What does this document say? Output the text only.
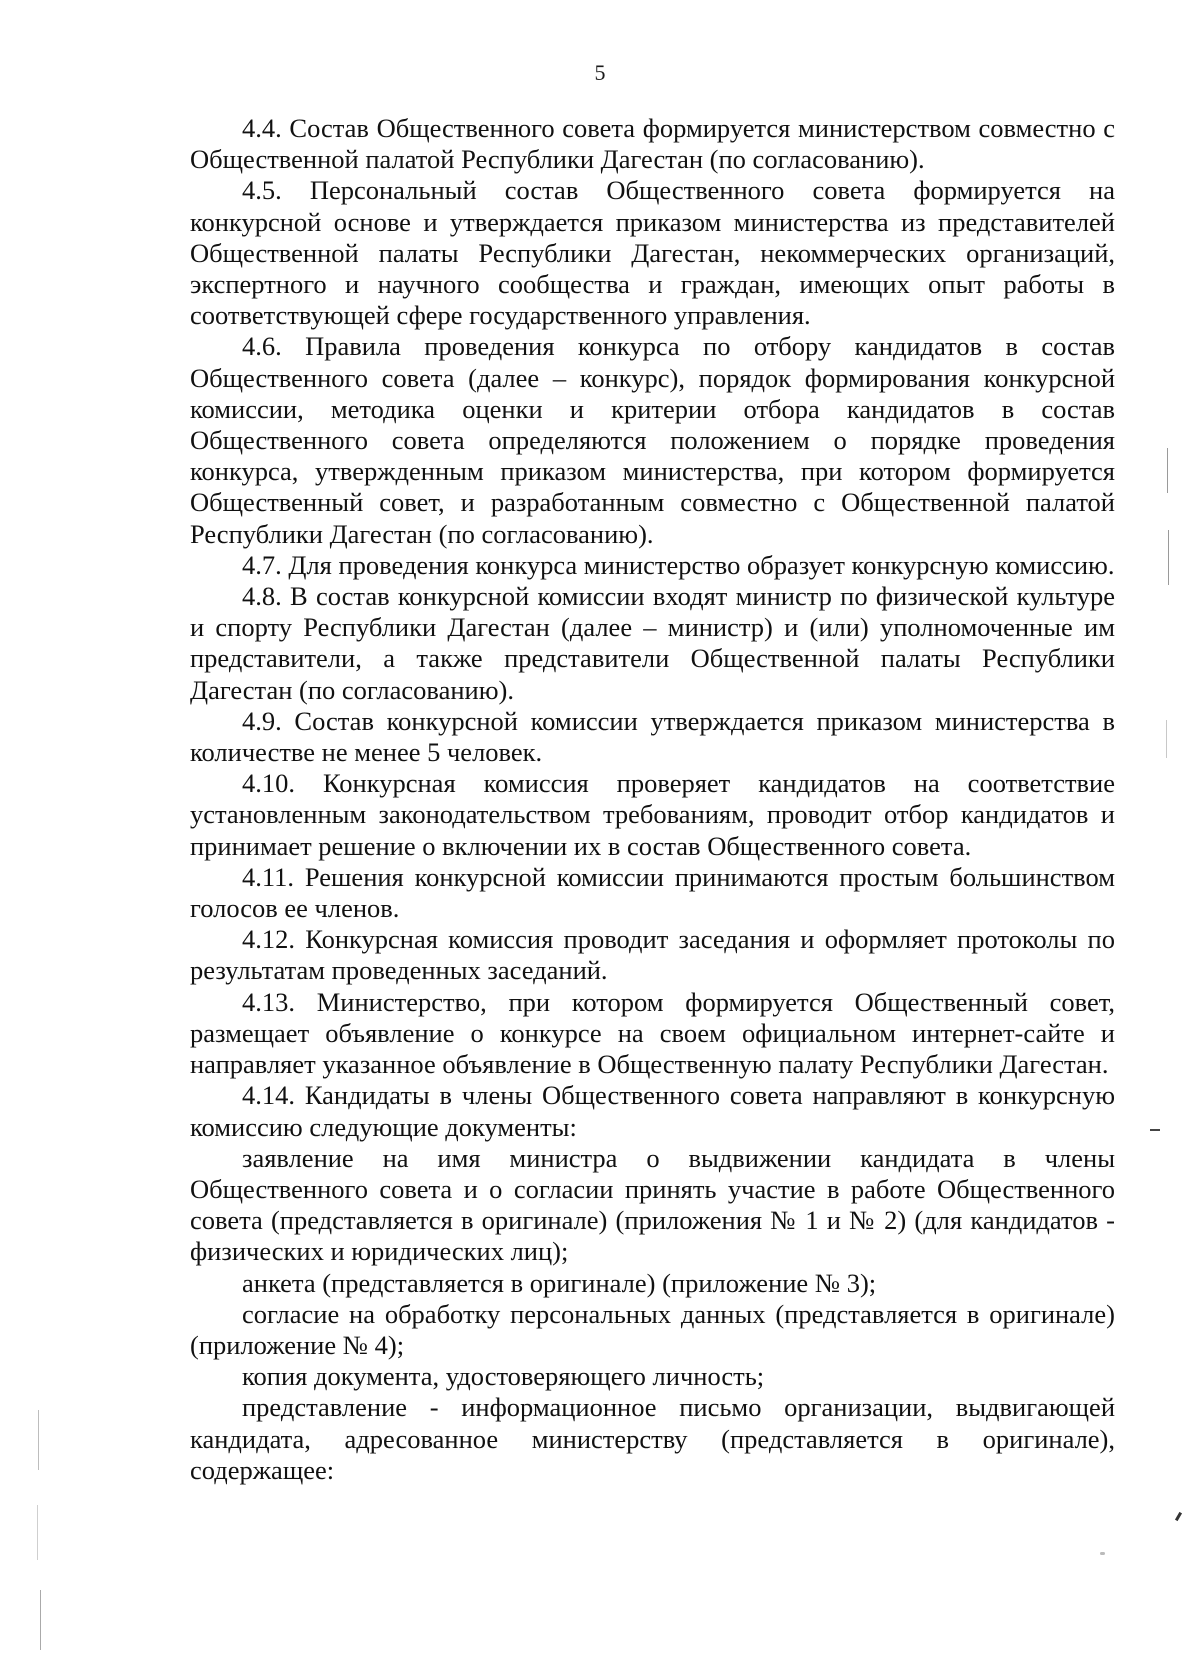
5

4.4. Состав Общественного совета формируется министерством совместно с Общественной палатой Республики Дагестан (по согласованию).

4.5. Персональный состав Общественного совета формируется на конкурсной основе и утверждается приказом министерства из представителей Общественной палаты Республики Дагестан, некоммерческих организаций, экспертного и научного сообщества и граждан, имеющих опыт работы в соответствующей сфере государственного управления.

4.6. Правила проведения конкурса по отбору кандидатов в состав Общественного совета (далее – конкурс), порядок формирования конкурсной комиссии, методика оценки и критерии отбора кандидатов в состав Общественного совета определяются положением о порядке проведения конкурса, утвержденным приказом министерства, при котором формируется Общественный совет, и разработанным совместно с Общественной палатой Республики Дагестан (по согласованию).

4.7. Для проведения конкурса министерство образует конкурсную комиссию.

4.8. В состав конкурсной комиссии входят министр по физической культуре и спорту Республики Дагестан (далее – министр) и (или) уполномоченные им представители, а также представители Общественной палаты Республики Дагестан (по согласованию).

4.9. Состав конкурсной комиссии утверждается приказом министерства в количестве не менее 5 человек.

4.10. Конкурсная комиссия проверяет кандидатов на соответствие установленным законодательством требованиям, проводит отбор кандидатов и принимает решение о включении их в состав Общественного совета.

4.11. Решения конкурсной комиссии принимаются простым большинством голосов ее членов.

4.12. Конкурсная комиссия проводит заседания и оформляет протоколы по результатам проведенных заседаний.

4.13. Министерство, при котором формируется Общественный совет, размещает объявление о конкурсе на своем официальном интернет-сайте и направляет указанное объявление в Общественную палату Республики Дагестан.

4.14. Кандидаты в члены Общественного совета направляют в конкурсную комиссию следующие документы:

заявление на имя министра о выдвижении кандидата в члены Общественного совета и о согласии принять участие в работе Общественного совета (представляется в оригинале) (приложения № 1 и № 2) (для кандидатов - физических и юридических лиц);

анкета (представляется в оригинале) (приложение № 3);

согласие на обработку персональных данных (представляется в оригинале) (приложение № 4);

копия документа, удостоверяющего личность;

представление - информационное письмо организации, выдвигающей кандидата, адресованное министерству (представляется в оригинале), содержащее:
